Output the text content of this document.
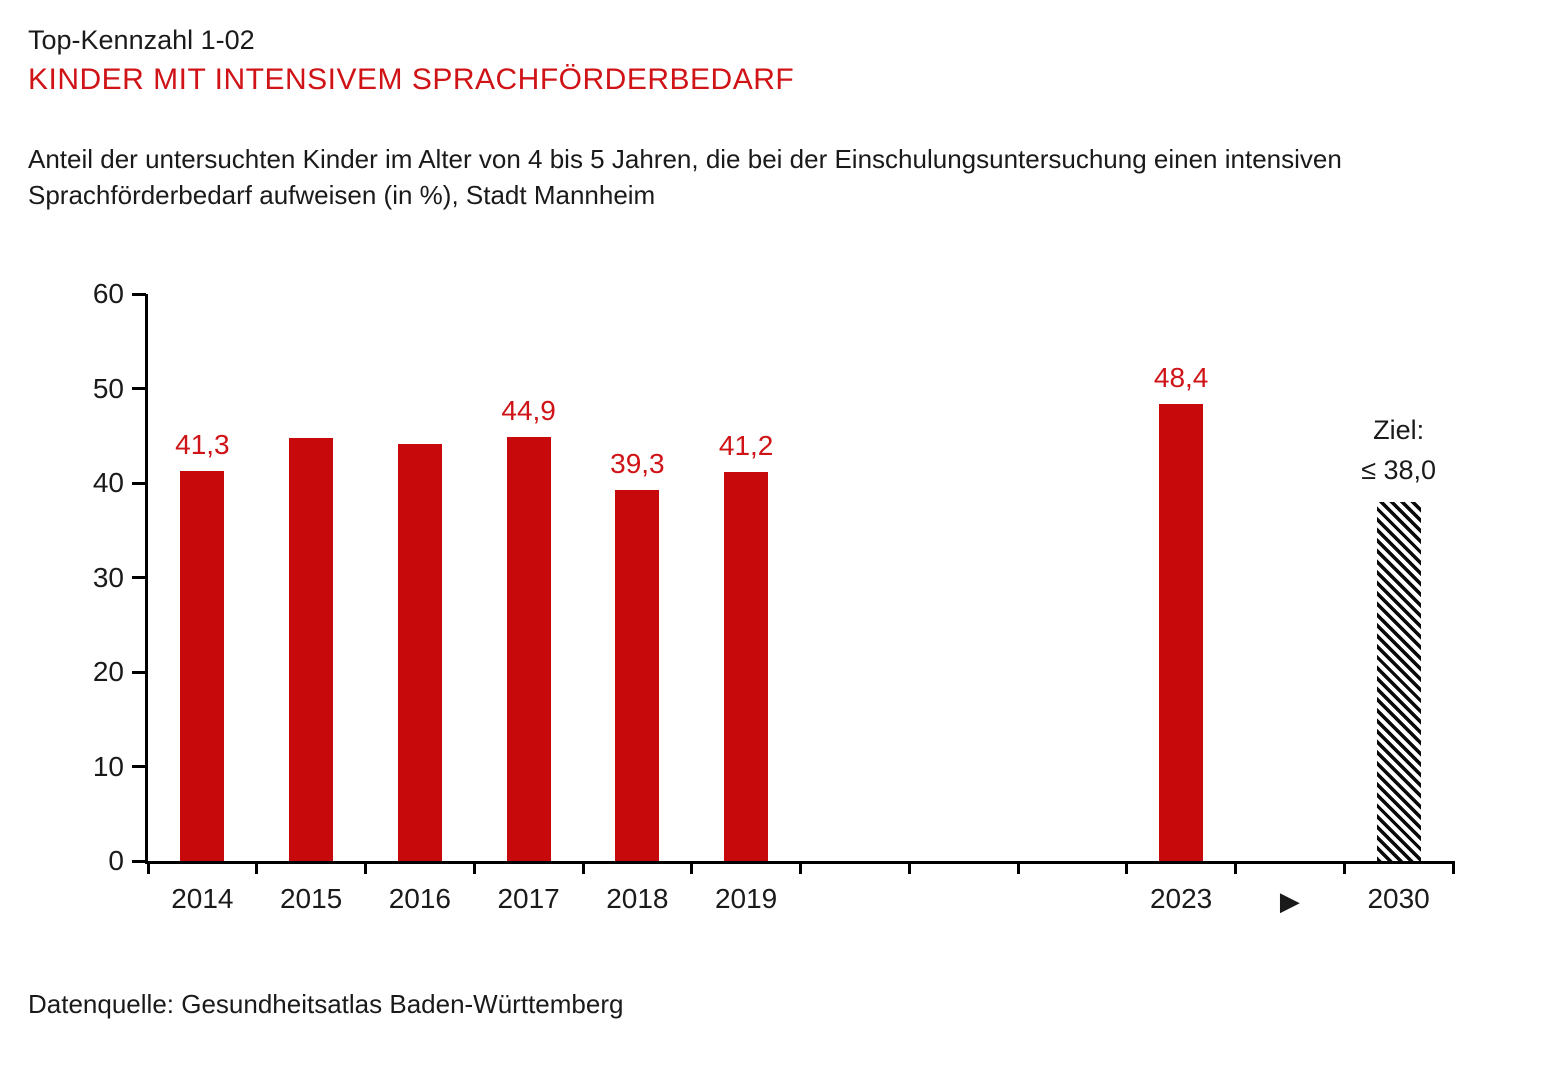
Top-Kennzahl 1-02
KINDER MIT INTENSIVEM SPRACHFÖRDERBEDARF
Anteil der untersuchten Kinder im Alter von 4 bis 5 Jahren, die bei der Einschulungsuntersuchung einen intensiven
Sprachförderbedarf aufweisen (in %), Stadt Mannheim
0
10
20
30
40
50
60
41,3
2014	2015	2016
44,9
2017
39,3
2018
41,2
2019
48,4
2023
Ziel:
≤ 38,0
2030
▶
Datenquelle: Gesundheitsatlas Baden-Württemberg
